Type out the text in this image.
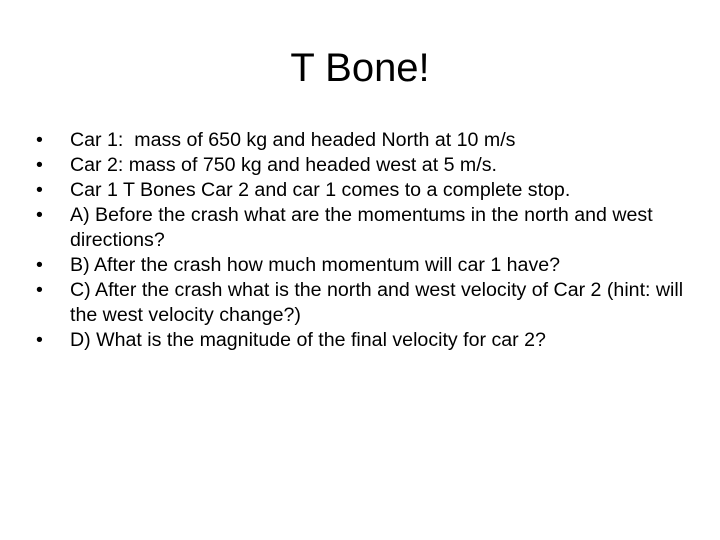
T Bone!
•	Car 1:  mass of 650 kg and headed North at 10 m/s
•	Car 2: mass of 750 kg and headed west at 5 m/s.
•	Car 1 T Bones Car 2 and car 1 comes to a complete stop.
•	A) Before the crash what are the momentums in the north and west directions?
•	B) After the crash how much momentum will car 1 have?
•	C) After the crash what is the north and west velocity of Car 2 (hint: will the west velocity change?)
•	D) What is the magnitude of the final velocity for car 2?
